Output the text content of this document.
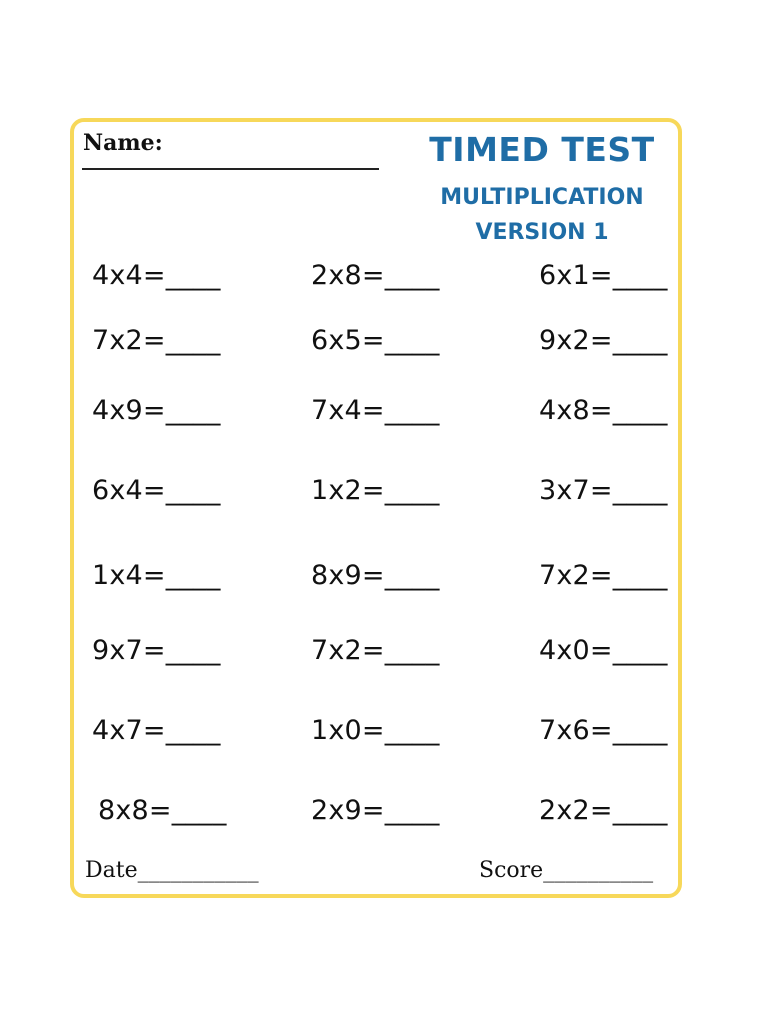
Name:	TIMED TEST
MULTIPLICATION
VERSION 1
4x4=____	2x8=____	6x1=____
7x2=____	6x5=____	9x2=____
4x9=____	7x4=____	4x8=____
6x4=____	1x2=____	3x7=____
1x4=____	8x9=____	7x2=____
9x7=____	7x2=____	4x0=____
4x7=____	1x0=____	7x6=____
8x8=____	2x9=____	2x2=____
Date___________	Score__________
